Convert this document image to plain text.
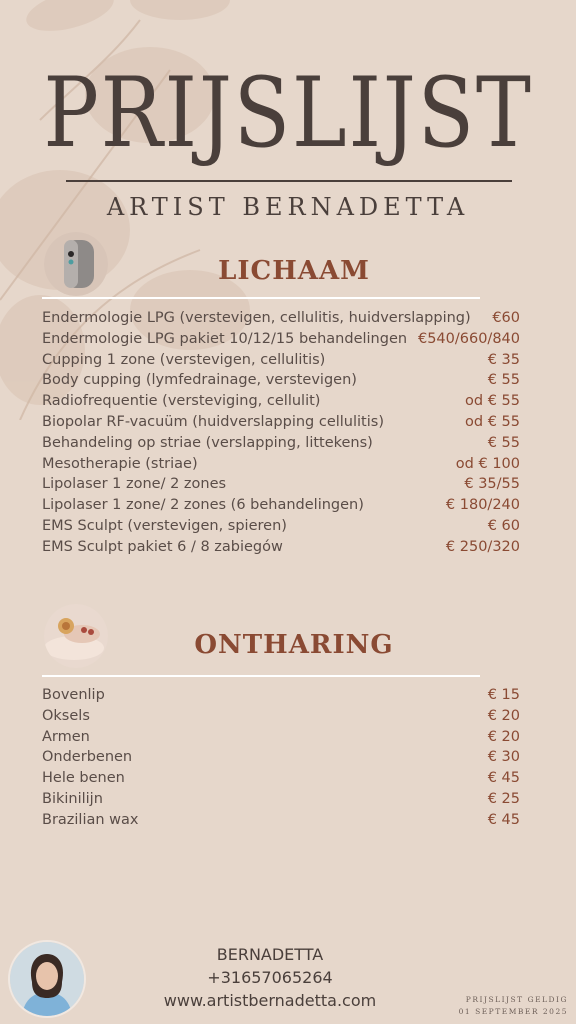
PRIJSLIJST
ARTIST BERNADETTA
LICHAAM
Endermologie LPG (verstevigen, cellulitis, huidverslapping)	€60
Endermologie LPG pakiet 10/12/15 behandelingen €540/660/840
Cupping 1 zone (verstevigen, cellulitis)	€ 35
Body cupping (lymfedrainage, verstevigen)	€ 55
Radiofrequentie (versteviging, cellulit)	od € 55
Biopolar RF-vacuüm (huidverslapping cellulitis)	od € 55
Behandeling op striae (verslapping, littekens)	€ 55
Mesotherapie (striae)	od € 100
Lipolaser 1 zone/ 2 zones	€ 35/55
Lipolaser 1 zone/ 2 zones (6 behandelingen)	€ 180/240
EMS Sculpt (verstevigen, spieren)	€ 60
EMS Sculpt pakiet 6 / 8 zabiegów	€ 250/320
ONTHARING
Bovenlip	€ 15
Oksels	€ 20
Armen	€ 20
Onderbenen	€ 30
Hele benen	€ 45
Bikinilijn	€ 25
Brazilian wax	€ 45
BERNADETTA
+31657065264
www.artistbernadetta.com	PRIJSLIJST GELDIG
01 SEPTEMBER 2025
